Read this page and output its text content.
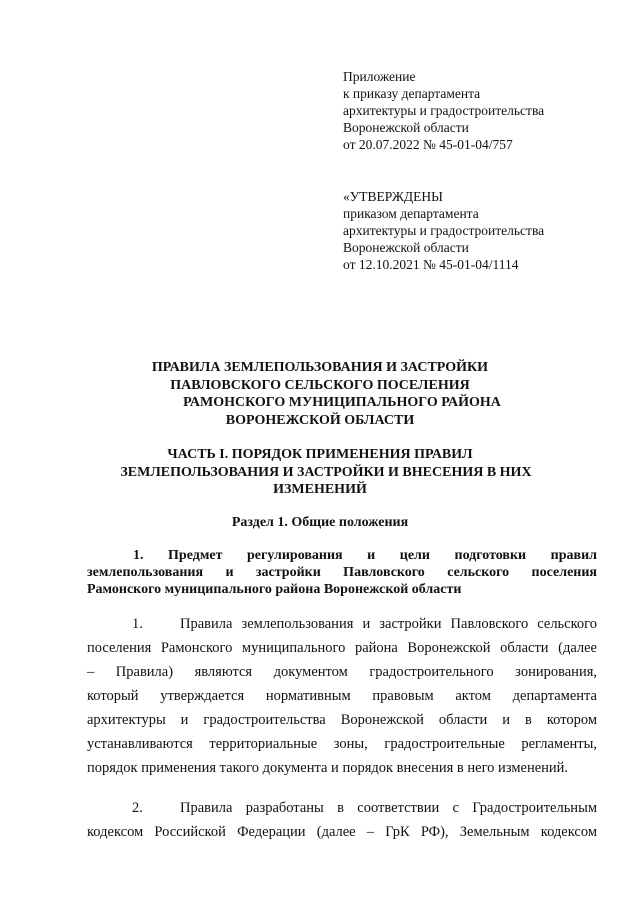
Приложение
к приказу департамента
архитектуры и градостроительства
Воронежской области
от 20.07.2022 № 45-01-04/757
«УТВЕРЖДЕНЫ
приказом департамента
архитектуры и градостроительства
Воронежской области
от 12.10.2021 № 45-01-04/1114
ПРАВИЛА ЗЕМЛЕПОЛЬЗОВАНИЯ И ЗАСТРОЙКИ
ПАВЛОВСКОГО СЕЛЬСКОГО ПОСЕЛЕНИЯ
РАМОНСКОГО МУНИЦИПАЛЬНОГО РАЙОНА
ВОРОНЕЖСКОЙ ОБЛАСТИ
ЧАСТЬ I. ПОРЯДОК ПРИМЕНЕНИЯ ПРАВИЛ
ЗЕМЛЕПОЛЬЗОВАНИЯ И ЗАСТРОЙКИ И ВНЕСЕНИЯ В НИХ
ИЗМЕНЕНИЙ
Раздел 1. Общие положения
1. Предмет регулирования и цели подготовки правил
землепользования и застройки Павловского сельского поселения
Рамонского муниципального района Воронежской области
1.	Правила землепользования и застройки Павловского сельского
поселения Рамонского муниципального района Воронежской области (далее
– Правила) являются документом градостроительного зонирования,
который утверждается нормативным правовым актом департамента
архитектуры и градостроительства Воронежской области и в котором
устанавливаются территориальные зоны, градостроительные регламенты,
порядок применения такого документа и порядок внесения в него изменений.
2.	Правила разработаны в соответствии с Градостроительным
кодексом Российской Федерации (далее – ГрК РФ), Земельным кодексом
